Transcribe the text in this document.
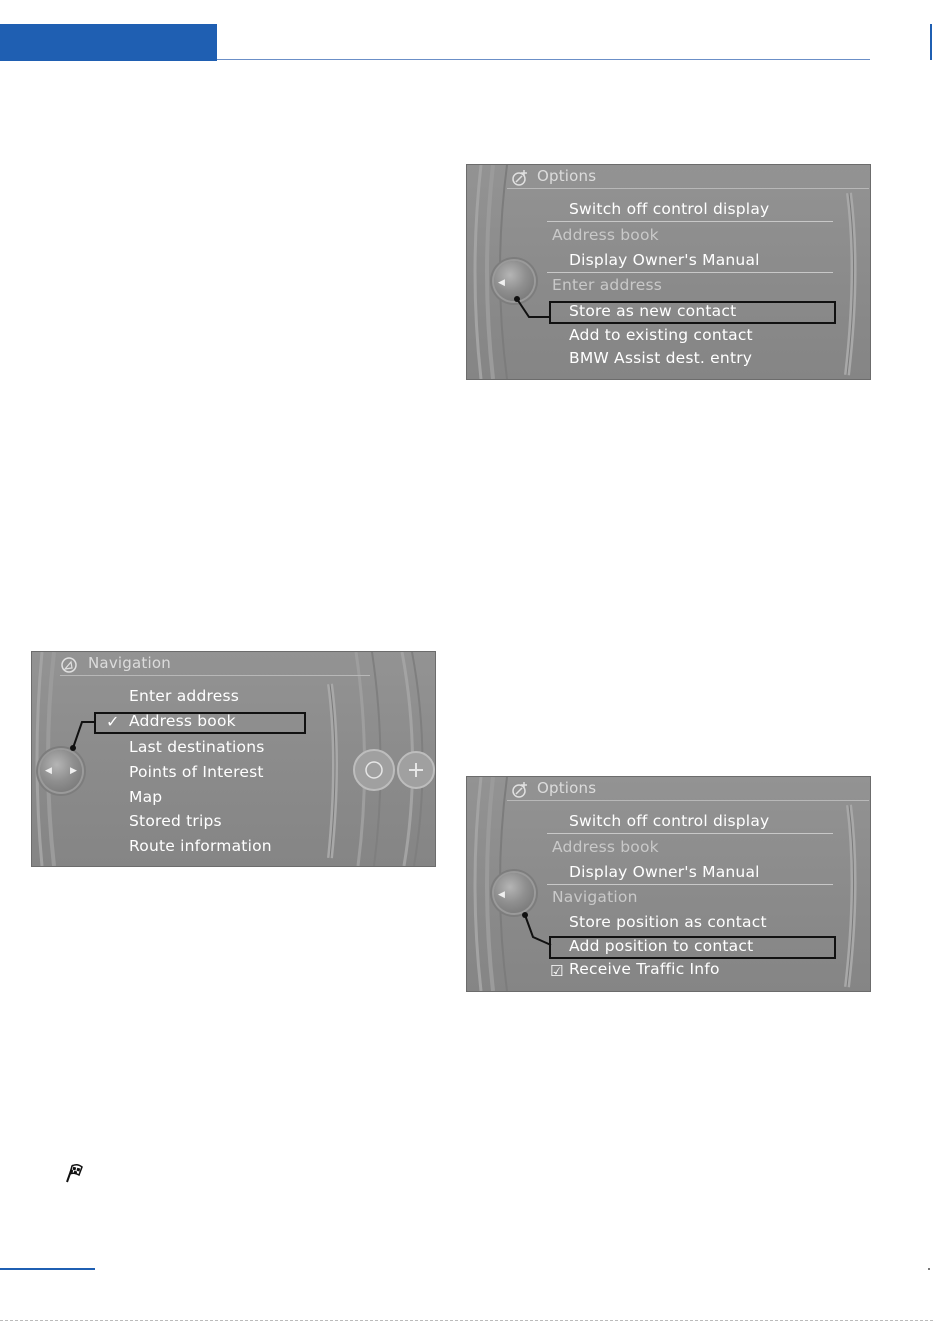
Options
Switch off control display
Address book
Display Owner's Manual
Enter address
Store as new contact
Add to existing contact
BMW Assist dest. entry
◀
Navigation
Enter address
✓ Address book
Last destinations
Points of Interest
Map
Stored trips
Route information
◀ ▶
Options
Switch off control display
Address book
Display Owner's Manual
Navigation
Store position as contact
Add position to contact
☑ Receive Traffic Info
◀
